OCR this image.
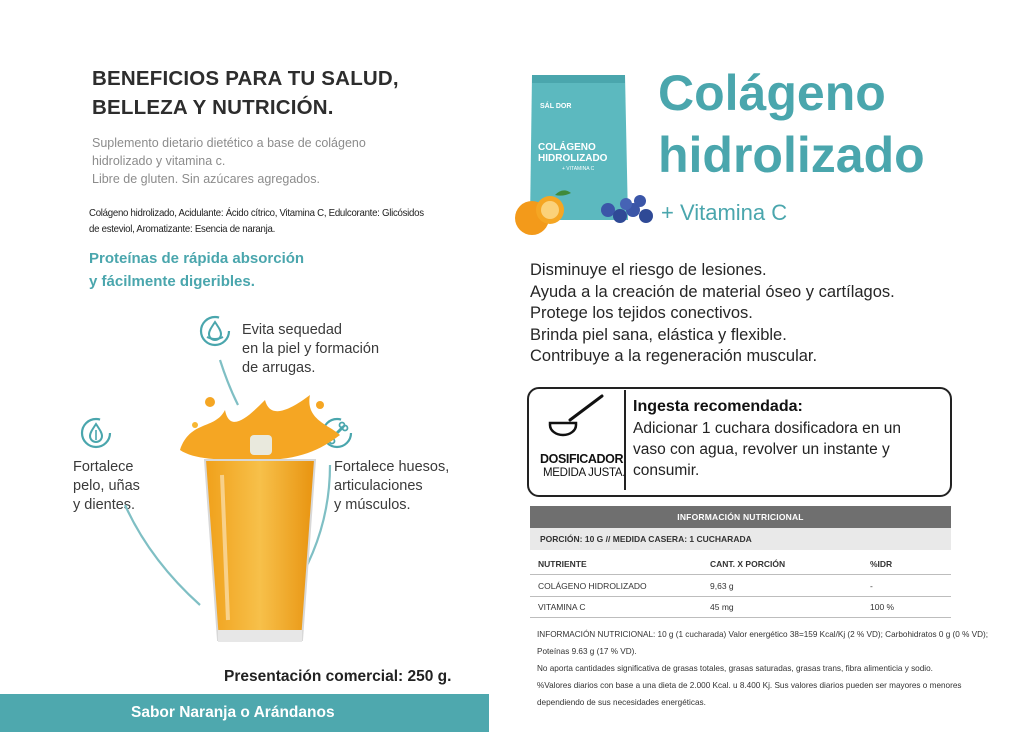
BENEFICIOS PARA TU SALUD,
BELLEZA Y NUTRICIÓN.
Suplemento dietario dietético a base de colágeno
hidrolizado y vitamina c.
Libre de gluten. Sin azúcares agregados.
Colágeno hidrolizado, Acidulante: Ácido cítrico, Vitamina C, Edulcorante: Glicósidos
de esteviol, Aromatizante: Esencia de naranja.
Proteínas de rápida absorción
y fácilmente digeribles.
Evita sequedad
en la piel y formación
de arrugas.
Fortalece
pelo, uñas
y dientes.
Fortalece huesos,
articulaciones
y músculos.
Presentación comercial: 250 g.
Sabor Naranja o Arándanos
SÁL DOR
COLÁGENO
HIDROLIZADO
+ VITAMINA C
Colágeno
hidrolizado
+ Vitamina C
Disminuye el riesgo de lesiones.
Ayuda a la creación de material óseo y cartílagos.
Protege los tejidos conectivos.
Brinda piel sana, elástica y flexible.
Contribuye a la regeneración muscular.
DOSIFICADOR
MEDIDA JUSTA.
Ingesta recomendada:
Adicionar 1 cuchara dosificadora en un
vaso con agua, revolver un instante y
consumir.
INFORMACIÓN NUTRICIONAL
PORCIÓN: 10 G // MEDIDA CASERA: 1 CUCHARADA
NUTRIENTE	CANT. X PORCIÓN	%IDR
COLÁGENO HIDROLIZADO	9,63 g	-
VITAMINA C	45 mg	100 %
INFORMACIÓN NUTRICIONAL: 10 g (1 cucharada) Valor energético 38=159 Kcal/Kj (2 % VD); Carbohidratos 0 g (0 % VD);
Poteínas 9.63 g (17 % VD).
No aporta cantidades significativa de grasas totales, grasas saturadas, grasas trans, fibra alimenticia y sodio.
%Valores diarios con base a una dieta de 2.000 Kcal. u 8.400 Kj. Sus valores diarios pueden ser mayores o menores
dependiendo de sus necesidades energéticas.
